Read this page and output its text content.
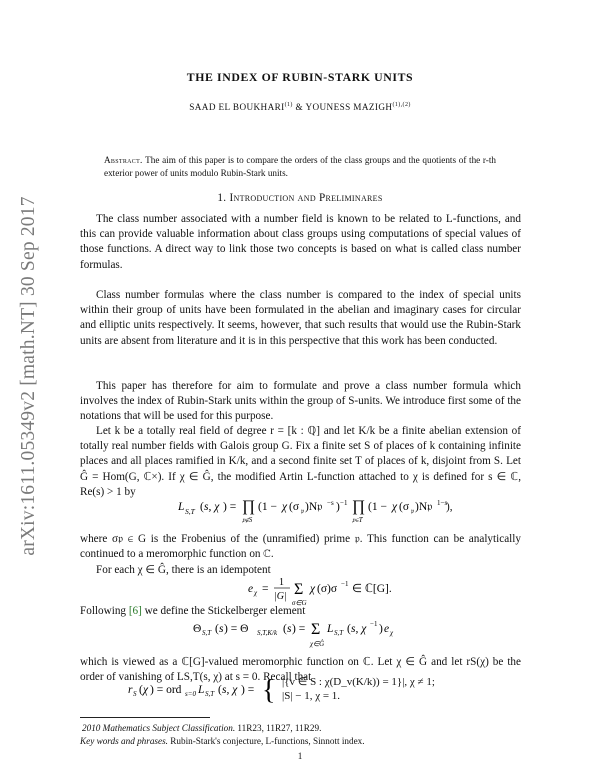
arXiv:1611.05349v2 [math.NT] 30 Sep 2017
THE INDEX OF RUBIN-STARK UNITS
SAAD EL BOUKHARI$^{(1)}$ & YOUNESS $MAZIGH^{(1),(2)}$
Abstract. The aim of this paper is to compare the orders of the class groups and the quotients of the r-th exterior power of units modulo Rubin-Stark units.
1. Introduction and Preliminares

The class number associated with a number field is known to be related to L-functions, and this can provide valuable information about class groups using computations of special values of those functions. A direct way to link those two concepts is based on what is called class number formulas.

Class number formulas where the class number is compared to the index of special units within their group of units have been formulated in the abelian and imaginary cases for circular and elliptic units respectively. It seems, however, that such results that would use the Rubin-Stark units are absent from literature and it is in this perspective that this work has been conducted.

This paper has therefore for aim to formulate and prove a class number formula which involves the index of Rubin-Stark units within the group of S-units. We introduce first some of the notations that will be used for this purpose.

Let k be a totally real field of degree r = [k : ℚ] and let K/k be a finite abelian extension of totally real number fields with Galois group G. Fix a finite set S of places of k containing infinite places and all places ramified in K/k, and a second finite set T of places of k, disjoint from S. Let Ĝ = Hom(G, ℂ×). If χ ∈ Ĝ, the modified Artin L-function attached to χ is defined for s ∈ ℂ, Re(s) > 1 by

L S,T ( s, χ ) = ∏
𝔭∉S
(1 − χ (σ 𝔭 )N𝔭 −s ) −1 ∏
𝔭∈T
(1 − χ (σ 𝔭 )N𝔭 1−s
),

where σ𝔭 ∈ G is the Frobenius of the (unramified) prime 𝔭. This function can be analytically continued to a meromorphic function on ℂ.

For each χ ∈ Ĝ, there is an idempotent

e χ =
1
|G| Σ
σ∈G
χ (σ)σ −1 ∈ ℂ[G].

Following [6] we define the Stickelberger element

Θ S,T ( s ) = Θ S,T,K/k ( s ) = Σ
χ∈Ĝ
L S,T ( s, χ −1 ) e χ

which is viewed as a ℂ[G]-valued meromorphic function on ℂ. Let χ ∈ Ĝ and let rS(χ) be the order of vanishing of LS,T(s, χ) at s = 0. Recall that

r S ( χ ) = ord s=0 L S,T ( s, χ ) = { |{v ∈ S : χ(D_v(K/k)) = 1}|, χ ≠ 1;
|S| − 1, χ = 1.
2010 Mathematics Subject Classification. 11R23, 11R27, 11R29.
Key words and phrases. Rubin-Stark's conjecture, L-functions, Sinnott index.
1
